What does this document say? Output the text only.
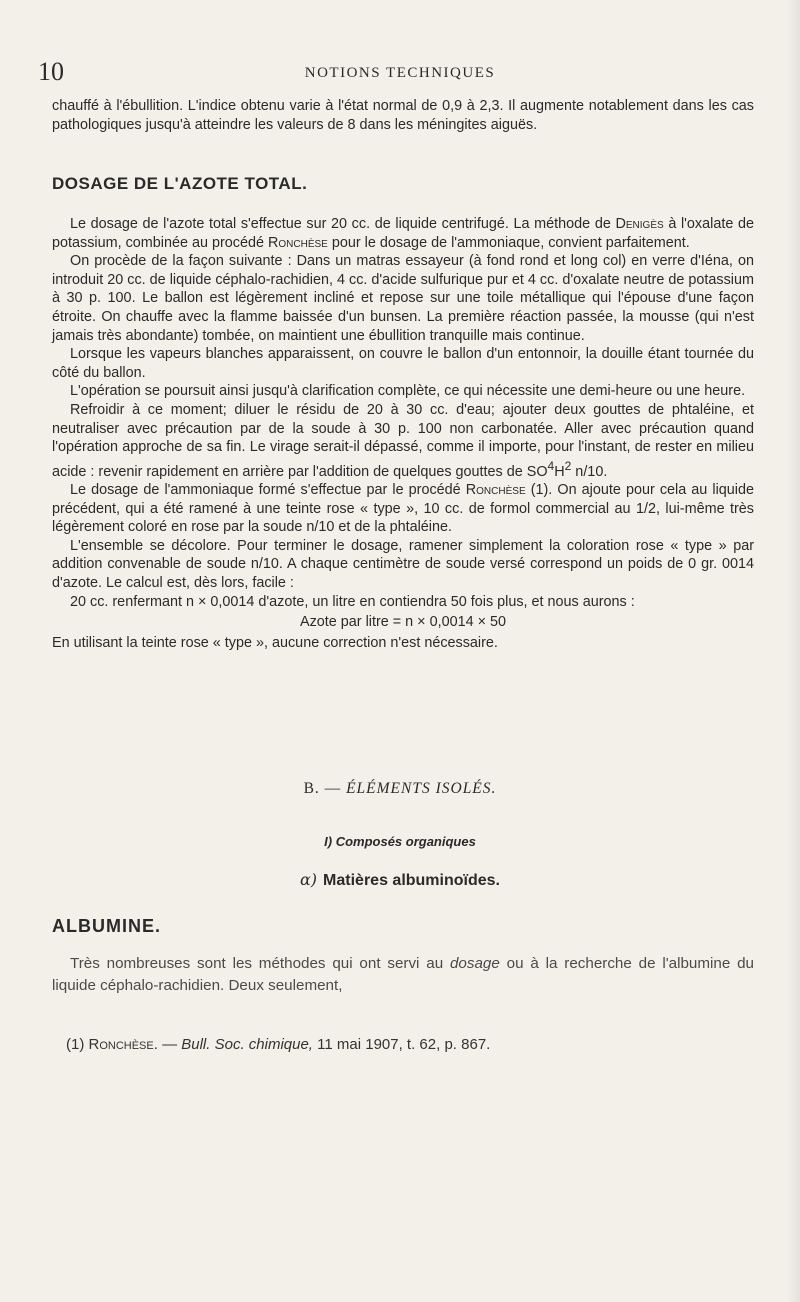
10	NOTIONS TECHNIQUES

chauffé à l'ébullition. L'indice obtenu varie à l'état normal de 0,9 à 2,3. Il augmente notablement dans les cas pathologiques jusqu'à atteindre les valeurs de 8 dans les méningites aiguës.

DOSAGE DE L'AZOTE TOTAL.

Le dosage de l'azote total s'effectue sur 20 cc. de liquide centrifugé. La méthode de Denigès à l'oxalate de potassium, combinée au procédé Ronchèse pour le dosage de l'ammoniaque, convient parfaitement.

On procède de la façon suivante : Dans un matras essayeur (à fond rond et long col) en verre d'Iéna, on introduit 20 cc. de liquide céphalo-rachidien, 4 cc. d'acide sulfurique pur et 4 cc. d'oxalate neutre de potassium à 30 p. 100. Le ballon est légèrement incliné et repose sur une toile métallique qui l'épouse d'une façon étroite. On chauffe avec la flamme baissée d'un bunsen. La première réaction passée, la mousse (qui n'est jamais très abondante) tombée, on maintient une ébullition tranquille mais continue.

Lorsque les vapeurs blanches apparaissent, on couvre le ballon d'un entonnoir, la douille étant tournée du côté du ballon.

L'opération se poursuit ainsi jusqu'à clarification complète, ce qui nécessite une demi-heure ou une heure.

Refroidir à ce moment; diluer le résidu de 20 à 30 cc. d'eau; ajouter deux gouttes de phtaléine, et neutraliser avec précaution par de la soude à 30 p. 100 non carbonatée. Aller avec précaution quand l'opération approche de sa fin. Le virage serait-il dépassé, comme il importe, pour l'instant, de rester en milieu acide : revenir rapidement en arrière par l'addition de quelques gouttes de $SO^4H^2$ n/10.

Le dosage de l'ammoniaque formé s'effectue par le procédé Ronchèse (1). On ajoute pour cela au liquide précédent, qui a été ramené à une teinte rose « type », 10 cc. de formol commercial au 1/2, lui-même très légèrement coloré en rose par la soude n/10 et de la phtaléine.

L'ensemble se décolore. Pour terminer le dosage, ramener simplement la coloration rose « type » par addition convenable de soude n/10. A chaque centimètre de soude versé correspond un poids de 0 gr. 0014 d'azote. Le calcul est, dès lors, facile :

20 cc. renfermant n × 0,0014 d'azote, un litre en contiendra 50 fois plus, et nous aurons :

Azote par litre = n × 0,0014 × 50

En utilisant la teinte rose « type », aucune correction n'est nécessaire.

B. — ÉLÉMENTS ISOLÉS.
I) Composés organiques
α) Matières albuminoïdes.
ALBUMINE.

Très nombreuses sont les méthodes qui ont servi au dosage ou à la recherche de l'albumine du liquide céphalo-rachidien. Deux seulement,

(1) Ronchèse. — Bull. Soc. chimique, 11 mai 1907, t. 62, p. 867.
